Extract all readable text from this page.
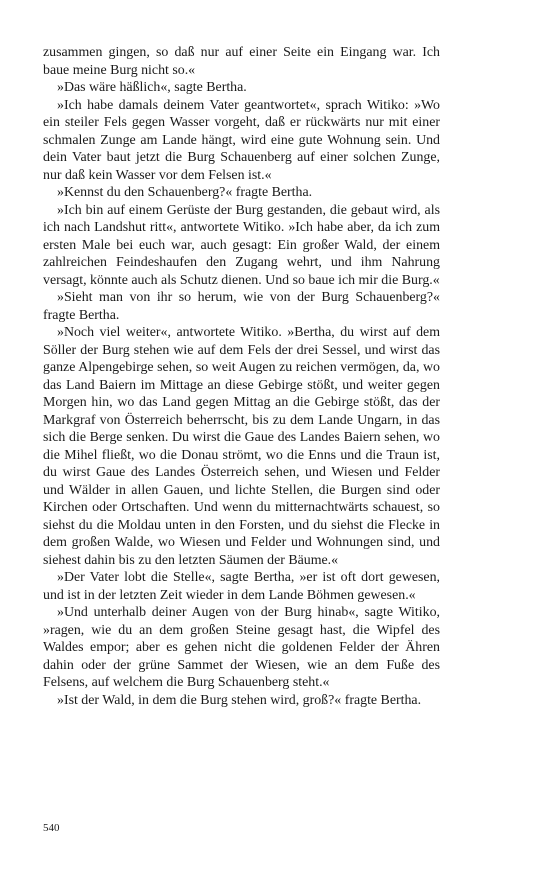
zusammen gingen, so daß nur auf einer Seite ein Eingang war. Ich baue meine Burg nicht so.«

»Das wäre häßlich«, sagte Bertha.

»Ich habe damals deinem Vater geantwortet«, sprach Witiko: »Wo ein steiler Fels gegen Wasser vorgeht, daß er rückwärts nur mit einer schmalen Zunge am Lande hängt, wird eine gute Wohnung sein. Und dein Vater baut jetzt die Burg Schauenberg auf einer solchen Zunge, nur daß kein Wasser vor dem Felsen ist.«

»Kennst du den Schauenberg?« fragte Bertha.

»Ich bin auf einem Gerüste der Burg gestanden, die gebaut wird, als ich nach Landshut ritt«, antwortete Witiko. »Ich habe aber, da ich zum ersten Male bei euch war, auch gesagt: Ein großer Wald, der einem zahlreichen Feindeshaufen den Zugang wehrt, und ihm Nahrung versagt, könnte auch als Schutz dienen. Und so baue ich mir die Burg.«

»Sieht man von ihr so herum, wie von der Burg Schauenberg?« fragte Bertha.

»Noch viel weiter«, antwortete Witiko. »Bertha, du wirst auf dem Söller der Burg stehen wie auf dem Fels der drei Sessel, und wirst das ganze Alpengebirge sehen, so weit Augen zu reichen vermögen, da, wo das Land Baiern im Mittage an diese Gebirge stößt, und weiter gegen Morgen hin, wo das Land gegen Mittag an die Gebirge stößt, das der Markgraf von Österreich beherrscht, bis zu dem Lande Ungarn, in das sich die Berge senken. Du wirst die Gaue des Landes Baiern sehen, wo die Mihel fließt, wo die Donau strömt, wo die Enns und die Traun ist, du wirst Gaue des Landes Österreich sehen, und Wiesen und Felder und Wälder in allen Gauen, und lichte Stellen, die Burgen sind oder Kirchen oder Ortschaften. Und wenn du mitternachtwärts schauest, so siehst du die Moldau unten in den Forsten, und du siehst die Flecke in dem großen Walde, wo Wiesen und Felder und Wohnungen sind, und siehest dahin bis zu den letzten Säumen der Bäume.«

»Der Vater lobt die Stelle«, sagte Bertha, »er ist oft dort gewesen, und ist in der letzten Zeit wieder in dem Lande Böhmen gewesen.«

»Und unterhalb deiner Augen von der Burg hinab«, sagte Witiko, »ragen, wie du an dem großen Steine gesagt hast, die Wipfel des Waldes empor; aber es gehen nicht die goldenen Felder der Ähren dahin oder der grüne Sammet der Wiesen, wie an dem Fuße des Felsens, auf welchem die Burg Schauenberg steht.«

»Ist der Wald, in dem die Burg stehen wird, groß?« fragte Bertha.

540
